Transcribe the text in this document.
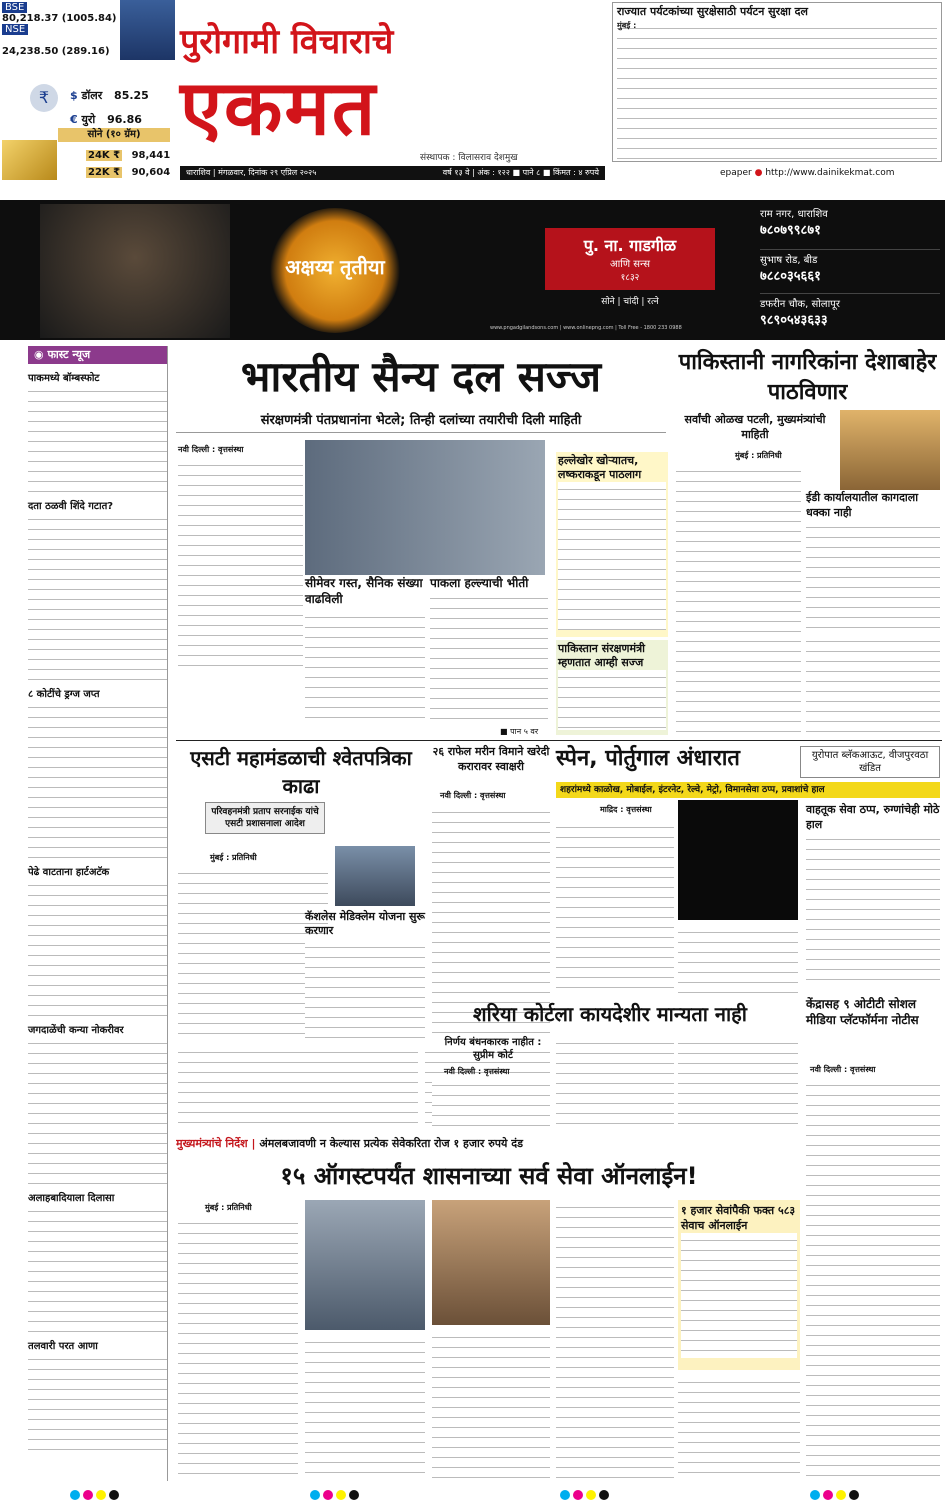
BSE
80,218.37 (1005.84)
NSE
24,238.50 (289.16)
$ डॉलर 85.25
₹
€ युरो 96.86
सोने (१० ग्रॅम)
24K ₹ 98,441
22K ₹ 90,604
पुरोगामी विचाराचे
एकमत
संस्थापक : विलासराव देशमुख
धाराशिव | मंगळवार, दिनांक २९ एप्रिल २०२५	वर्ष १३ वे | अंक : १२२ ■ पाने ८ ■ किंमत : ४ रुपये	epaper ● http://www.dainikekmat.com
राज्यात पर्यटकांच्या सुरक्षेसाठी पर्यटन सुरक्षा दल
मुंबई :
अक्षय्य तृतीया
पु. ना. गाडगीळ
आणि सन्स
१८३२
सोने | चांदी | रत्ने
www.pngadgilandsons.com | www.onlinepng.com | Toll Free - 1800 233 0988
राम नगर, धाराशिव
७८०७९९८७१
सुभाष रोड, बीड
७८८०३५६६१
डफरीन चौक, सोलापूर
९८९०५४३६३३
◉ फास्ट न्यूज
पाकमध्ये बॉम्बस्फोट
दता ठळवी शिंदे गटात?
८ कोटींचे ड्रग्ज जप्त
पेढे वाटताना हार्टअटॅक
जगदाळेंची कन्या नोकरीवर
अलाहबादियाला दिलासा
तलवारी परत आणा
भारतीय सैन्य दल सज्ज
संरक्षणमंत्री पंतप्रधानांना भेटले; तिन्ही दलांच्या तयारीची दिली माहिती
नवी दिल्ली : वृत्तसंस्था
सीमेवर गस्त, सैनिक संख्या वाढविली
पाकला हल्ल्याची भीती
हल्लेखोर खोऱ्यातच, लष्कराकडून पाठलाग
पाकिस्तान संरक्षणमंत्री म्हणतात आम्ही सज्ज
■ पान ५ वर
पाकिस्तानी नागरिकांना देशाबाहेर पाठविणार
सर्वांची ओळख पटली, मुख्यमंत्र्यांची माहिती
मुंबई : प्रतिनिधी
ईडी कार्यालयातील कागदाला धक्का नाही
एसटी महामंडळाची श्वेतपत्रिका काढा
परिवहनमंत्री प्रताप सरनाईक यांचे एसटी प्रशासनाला आदेश
मुंबई : प्रतिनिधी
कॅशलेस मेडिक्लेम योजना सुरू करणार
२६ राफेल मरीन विमाने खरेदी करारावर स्वाक्षरी
नवी दिल्ली : वृत्तसंस्था
स्पेन, पोर्तुगाल अंधारात	युरोपात ब्लॅकआऊट, वीजपुरवठा खंडित
शहरांमध्ये काळोख, मोबाईल, इंटरनेट, रेल्वे, मेट्रो, विमानसेवा ठप्प, प्रवाशांचे हाल
माद्रिद : वृत्तसंस्था	वाहतूक सेवा ठप्प, रुग्णांचेही मोठे हाल
शरिया कोर्टला कायदेशीर मान्यता नाही
निर्णय बंधनकारक नाहीत : सुप्रीम कोर्ट
नवी दिल्ली : वृत्तसंस्था
केंद्रासह ९ ओटीटी सोशल मीडिया प्लॅटफॉर्मना नोटीस
नवी दिल्ली : वृत्तसंस्था
मुख्यमंत्र्यांचे निर्देश | अंमलबजावणी न केल्यास प्रत्येक सेवेकरिता रोज १ हजार रुपये दंड
१५ ऑगस्टपर्यंत शासनाच्या सर्व सेवा ऑनलाईन!
मुंबई : प्रतिनिधी	१ हजार सेवांपैकी फक्त ५८३ सेवाच ऑनलाईन
